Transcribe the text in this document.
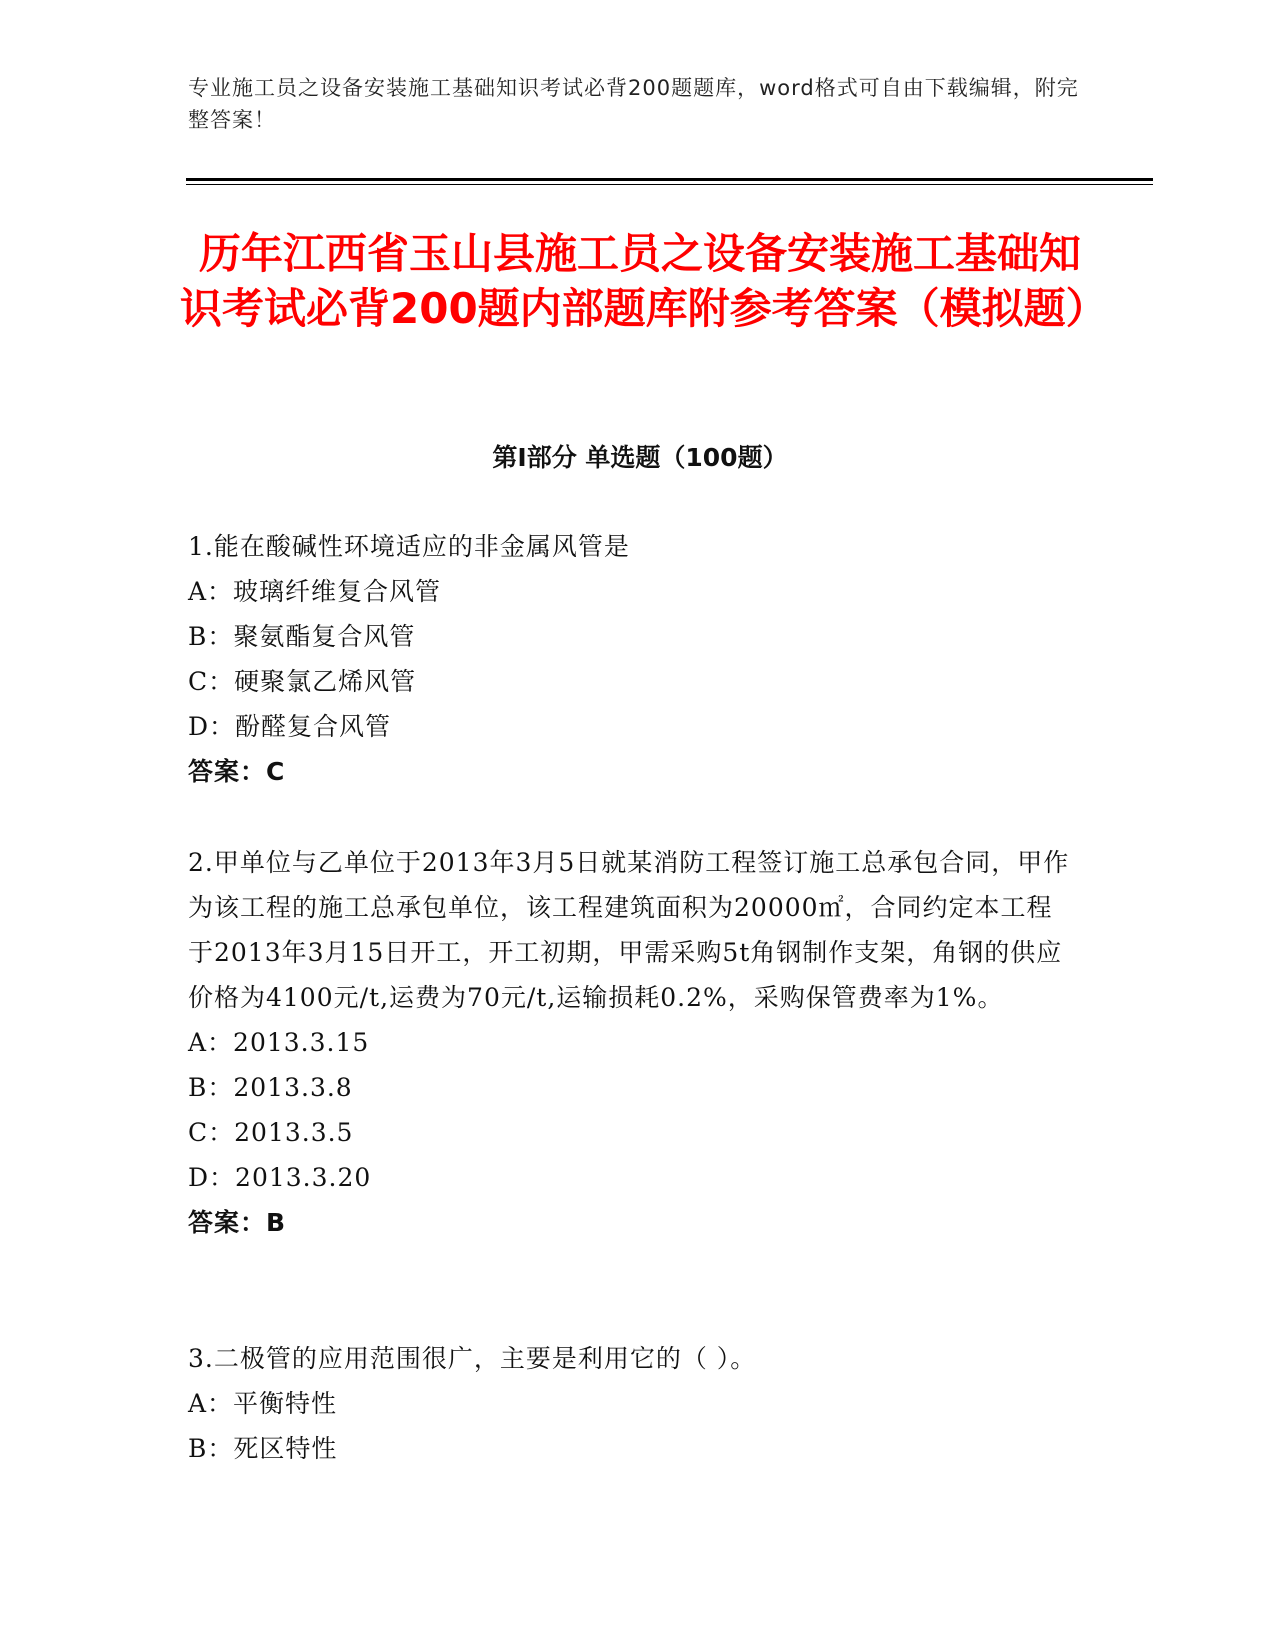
专业施工员之设备安装施工基础知识考试必背200题题库，word格式可自由下载编辑，附完整答案！
历年江西省玉山县施工员之设备安装施工基础知识考试必背200题内部题库附参考答案（模拟题）
第Ⅰ部分 单选题（100题）
1.能在酸碱性环境适应的非金属风管是
A：玻璃纤维复合风管
B：聚氨酯复合风管
C：硬聚氯乙烯风管
D：酚醛复合风管
答案：C
2.甲单位与乙单位于2013年3月5日就某消防工程签订施工总承包合同，甲作为该工程的施工总承包单位，该工程建筑面积为20000㎡，合同约定本工程于2013年3月15日开工，开工初期，甲需采购5t角钢制作支架，角钢的供应价格为4100元/t,运费为70元/t,运输损耗0.2%，采购保管费率为1%。
A：2013.3.15
B：2013.3.8
C：2013.3.5
D：2013.3.20
答案：B
3.二极管的应用范围很广，主要是利用它的（ ）。
A：平衡特性
B：死区特性
